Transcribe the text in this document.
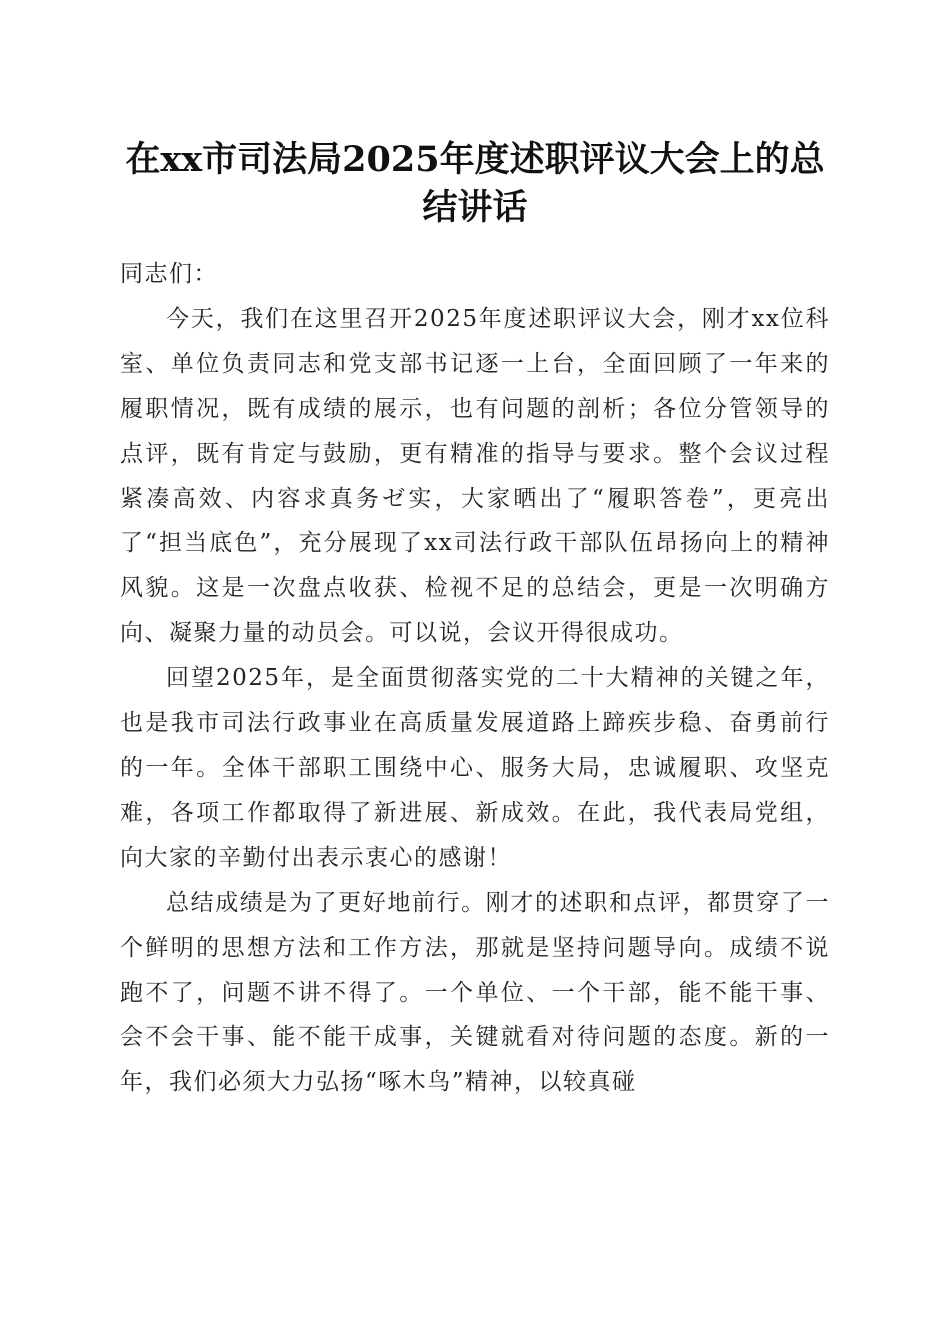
在xx市司法局2025年度述职评议大会上的总结讲话

同志们：

今天，我们在这里召开2025年度述职评议大会，刚才xx位科室、单位负责同志和党支部书记逐一上台，全面回顾了一年来的履职情况，既有成绩的展示，也有问题的剖析；各位分管领导的点评，既有肯定与鼓励，更有精准的指导与要求。整个会议过程紧凑高效、内容求真务ゼ实，大家晒出了“履职答卷”，更亮出了“担当底色”，充分展现了xx司法行政干部队伍昂扬向上的精神风貌。这是一次盘点收获、检视不足的总结会，更是一次明确方向、凝聚力量的动员会。可以说，会议开得很成功。

回望2025年，是全面贯彻落实党的二十大精神的关键之年，也是我市司法行政事业在高质量发展道路上蹄疾步稳、奋勇前行的一年。全体干部职工围绕中心、服务大局，忠诚履职、攻坚克难，各项工作都取得了新进展、新成效。在此，我代表局党组，向大家的辛勤付出表示衷心的感谢！

总结成绩是为了更好地前行。刚才的述职和点评，都贯穿了一个鲜明的思想方法和工作方法，那就是坚持问题导向。成绩不说跑不了，问题不讲不得了。一个单位、一个干部，能不能干事、会不会干事、能不能干成事，关键就看对待问题的态度。新的一年，我们必须大力弘扬“啄木鸟”精神，以较真碰
